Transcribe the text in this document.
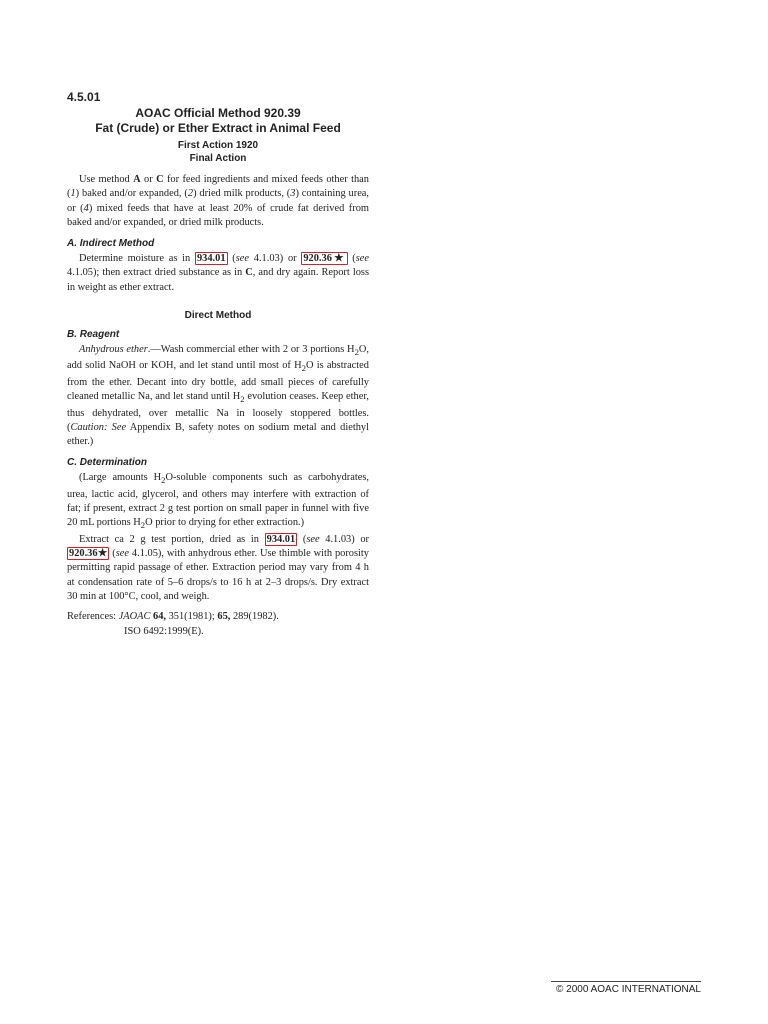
4.5.01
AOAC Official Method 920.39
Fat (Crude) or Ether Extract in Animal Feed
First Action 1920
Final Action

Use method A or C for feed ingredients and mixed feeds other than (1) baked and/or expanded, (2) dried milk products, (3) containing urea, or (4) mixed feeds that have at least 20% of crude fat derived from baked and/or expanded, or dried milk products.

A. Indirect Method

Determine moisture as in 934.01 (see 4.1.03) or 920.36★ (see 4.1.05); then extract dried substance as in C, and dry again. Report loss in weight as ether extract.

Direct Method
B. Reagent

Anhydrous ether.—Wash commercial ether with 2 or 3 portions $H_2O$, add solid NaOH or KOH, and let stand until most of $H_2O$ is abstracted from the ether. Decant into dry bottle, add small pieces of carefully cleaned metallic Na, and let stand until $H_2$ evolution ceases. Keep ether, thus dehydrated, over metallic Na in loosely stoppered bottles. (Caution: See Appendix B, safety notes on sodium metal and diethyl ether.)

C. Determination

(Large amounts $H_2O$-soluble components such as carbohydrates, urea, lactic acid, glycerol, and others may interfere with extraction of fat; if present, extract 2 g test portion on small paper in funnel with five 20 mL portions $H_2O$ prior to drying for ether extraction.)

Extract ca 2 g test portion, dried as in 934.01 (see 4.1.03) or 920.36★ (see 4.1.05), with anhydrous ether. Use thimble with porosity permitting rapid passage of ether. Extraction period may vary from 4 h at condensation rate of 5–6 drops/s to 16 h at 2–3 drops/s. Dry extract 30 min at 100°C, cool, and weigh.

References: JAOAC 64, 351(1981); 65, 289(1982).
ISO 6492:1999(E).
© 2000 AOAC INTERNATIONAL
